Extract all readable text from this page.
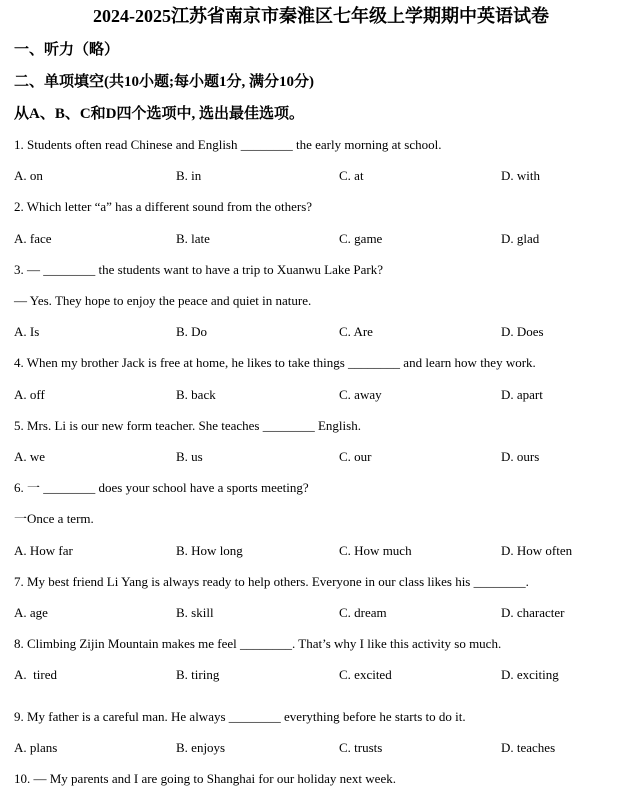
2024-2025江苏省南京市秦淮区七年级上学期期中英语试卷
一、听力（略）
二、单项填空(共10小题;每小题1分, 满分10分)
从A、B、C和D四个选项中, 选出最佳选项。
1. Students often read Chinese and English ________ the early morning at school.
A. on	B. in	C. at	D. with
2. Which letter “a” has a different sound from the others?
A. face	B. late	C. game	D. glad
3. — ________ the students want to have a trip to Xuanwu Lake Park?
— Yes. They hope to enjoy the peace and quiet in nature.
A. Is	B. Do	C. Are	D. Does
4. When my brother Jack is free at home, he likes to take things ________ and learn how they work.
A. off	B. back	C. away	D. apart
5. Mrs. Li is our new form teacher. She teaches ________ English.
A. we	B. us	C. our	D. ours
6. 一 ________ does your school have a sports meeting?
一Once a term.
A. How far	B. How long	C. How much	D. How often
7. My best friend Li Yang is always ready to help others. Everyone in our class likes his ________.
A. age	B. skill	C. dream	D. character
8. Climbing Zijin Mountain makes me feel ________. That’s why I like this activity so much.
A.  tired	B. tiring	C. excited	D. exciting
9. My father is a careful man. He always ________ everything before he starts to do it.
A. plans	B. enjoys	C. trusts	D. teaches
10. — My parents and I are going to Shanghai for our holiday next week.
